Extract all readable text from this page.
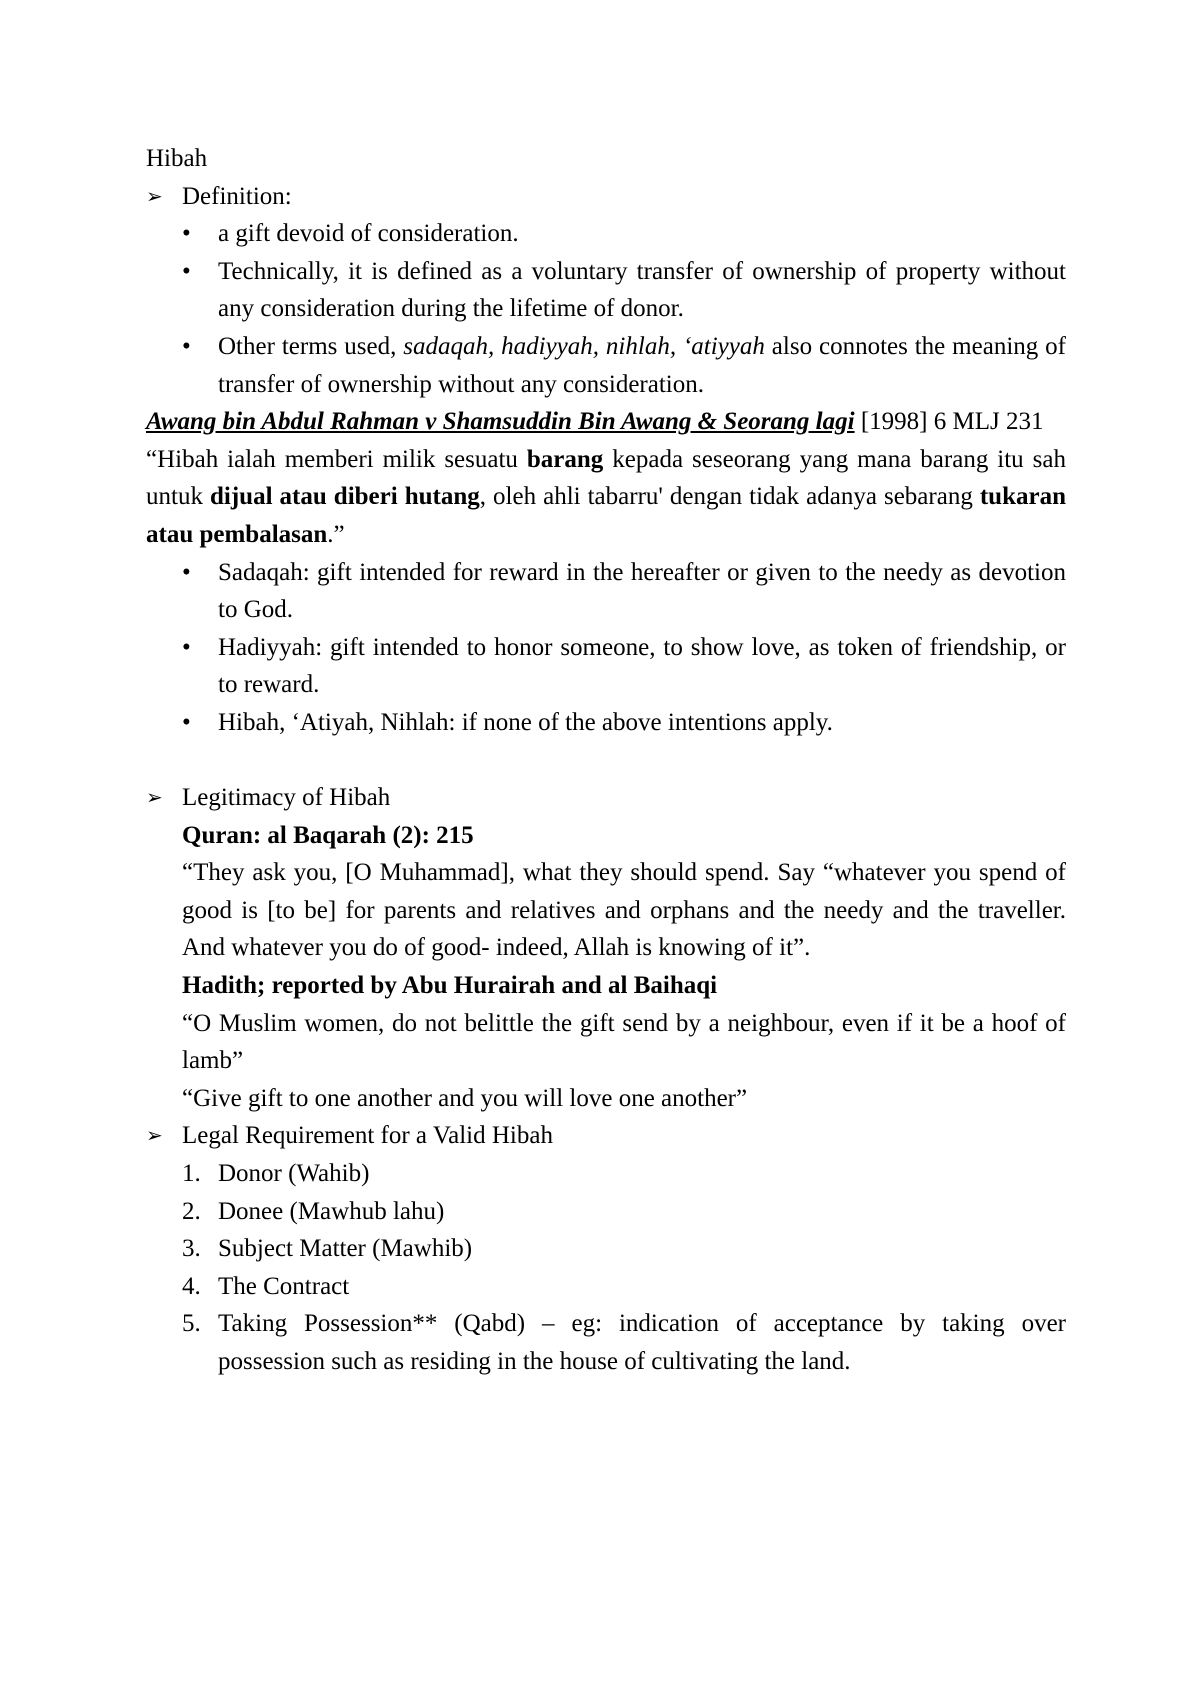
Hibah

➢ Definition:
•	a gift devoid of consideration.
•	Technically, it is defined as a voluntary transfer of ownership of property without any consideration during the lifetime of donor.
•	Other terms used, sadaqah, hadiyyah, nihlah, ‘atiyyah also connotes the meaning of transfer of ownership without any consideration.

Awang bin Abdul Rahman v Shamsuddin Bin Awang & Seorang lagi [1998] 6 MLJ 231

“Hibah ialah memberi milik sesuatu barang kepada seseorang yang mana barang itu sah untuk dijual atau diberi hutang, oleh ahli tabarru' dengan tidak adanya sebarang tukaran atau pembalasan.”

•	Sadaqah: gift intended for reward in the hereafter or given to the needy as devotion to God.
•	Hadiyyah: gift intended to honor someone, to show love, as token of friendship, or to reward.
•	Hibah, ‘Atiyah, Nihlah: if none of the above intentions apply.
➢ Legitimacy of Hibah

Quran: al Baqarah (2): 215

“They ask you, [O Muhammad], what they should spend. Say “whatever you spend of good is [to be] for parents and relatives and orphans and the needy and the traveller. And whatever you do of good- indeed, Allah is knowing of it”.

Hadith; reported by Abu Hurairah and al Baihaqi

“O Muslim women, do not belittle the gift send by a neighbour, even if it be a hoof of lamb”

“Give gift to one another and you will love one another”

➢ Legal Requirement for a Valid Hibah
1. Donor (Wahib)
2. Donee (Mawhub lahu)
3. Subject Matter (Mawhib)
4. The Contract
5. Taking Possession** (Qabd) – eg: indication of acceptance by taking over possession such as residing in the house of cultivating the land.
